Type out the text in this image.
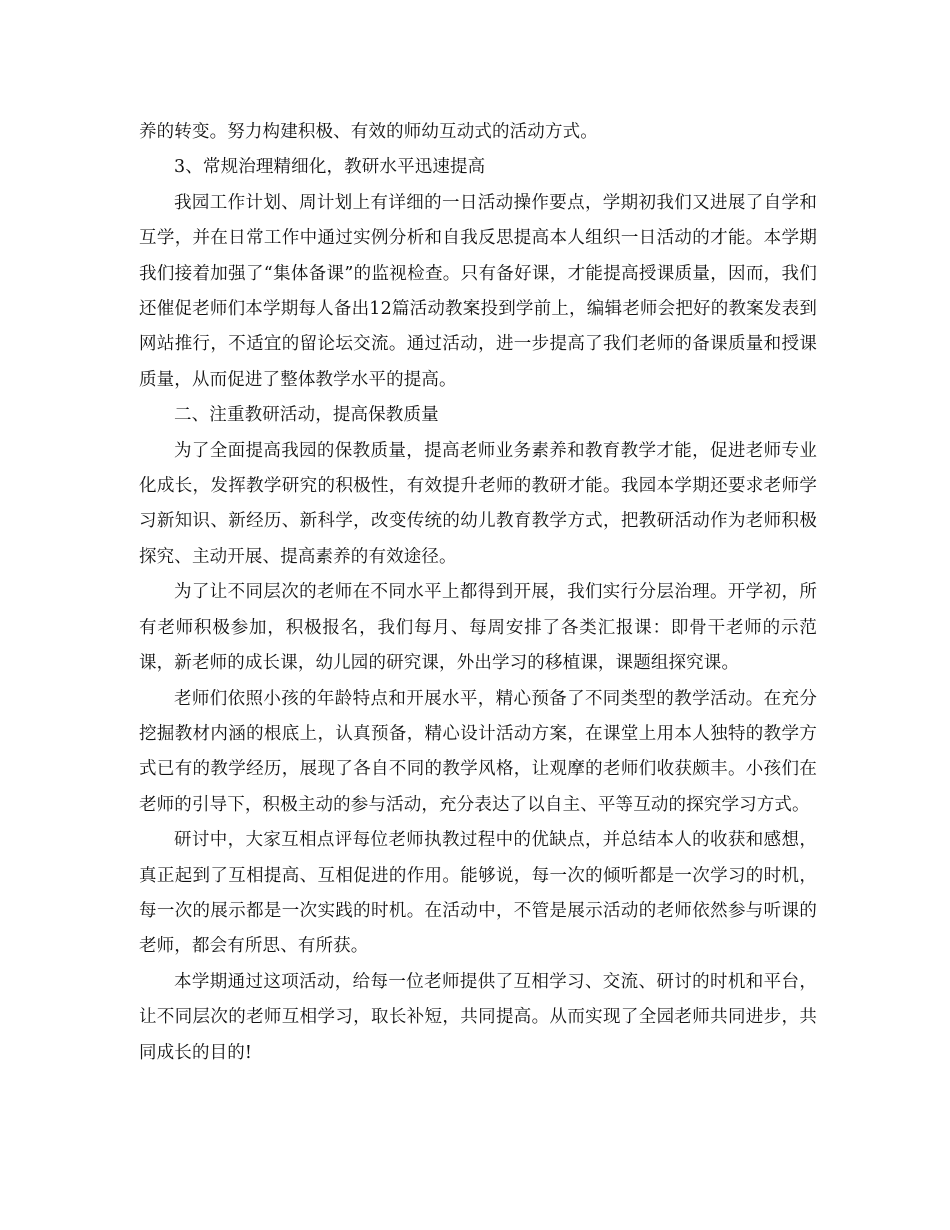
养的转变。努力构建积极、有效的师幼互动式的活动方式。

3、常规治理精细化，教研水平迅速提高

我园工作计划、周计划上有详细的一日活动操作要点，学期初我们又进展了自学和互学，并在日常工作中通过实例分析和自我反思提高本人组织一日活动的才能。本学期我们接着加强了“集体备课”的监视检查。只有备好课，才能提高授课质量，因而，我们还催促老师们本学期每人备出12篇活动教案投到学前上，编辑老师会把好的教案发表到网站推行，不适宜的留论坛交流。通过活动，进一步提高了我们老师的备课质量和授课质量，从而促进了整体教学水平的提高。

二、注重教研活动，提高保教质量

为了全面提高我园的保教质量，提高老师业务素养和教育教学才能，促进老师专业化成长，发挥教学研究的积极性，有效提升老师的教研才能。我园本学期还要求老师学习新知识、新经历、新科学，改变传统的幼儿教育教学方式，把教研活动作为老师积极探究、主动开展、提高素养的有效途径。

为了让不同层次的老师在不同水平上都得到开展，我们实行分层治理。开学初，所有老师积极参加，积极报名，我们每月、每周安排了各类汇报课：即骨干老师的示范课，新老师的成长课，幼儿园的研究课，外出学习的移植课，课题组探究课。

老师们依照小孩的年龄特点和开展水平，精心预备了不同类型的教学活动。在充分挖掘教材内涵的根底上，认真预备，精心设计活动方案，在课堂上用本人独特的教学方式已有的教学经历，展现了各自不同的教学风格，让观摩的老师们收获颇丰。小孩们在老师的引导下，积极主动的参与活动，充分表达了以自主、平等互动的探究学习方式。

研讨中，大家互相点评每位老师执教过程中的优缺点，并总结本人的收获和感想，真正起到了互相提高、互相促进的作用。能够说，每一次的倾听都是一次学习的时机，每一次的展示都是一次实践的时机。在活动中，不管是展示活动的老师依然参与听课的老师，都会有所思、有所获。

本学期通过这项活动，给每一位老师提供了互相学习、交流、研讨的时机和平台，让不同层次的老师互相学习，取长补短，共同提高。从而实现了全园老师共同进步，共同成长的目的!
